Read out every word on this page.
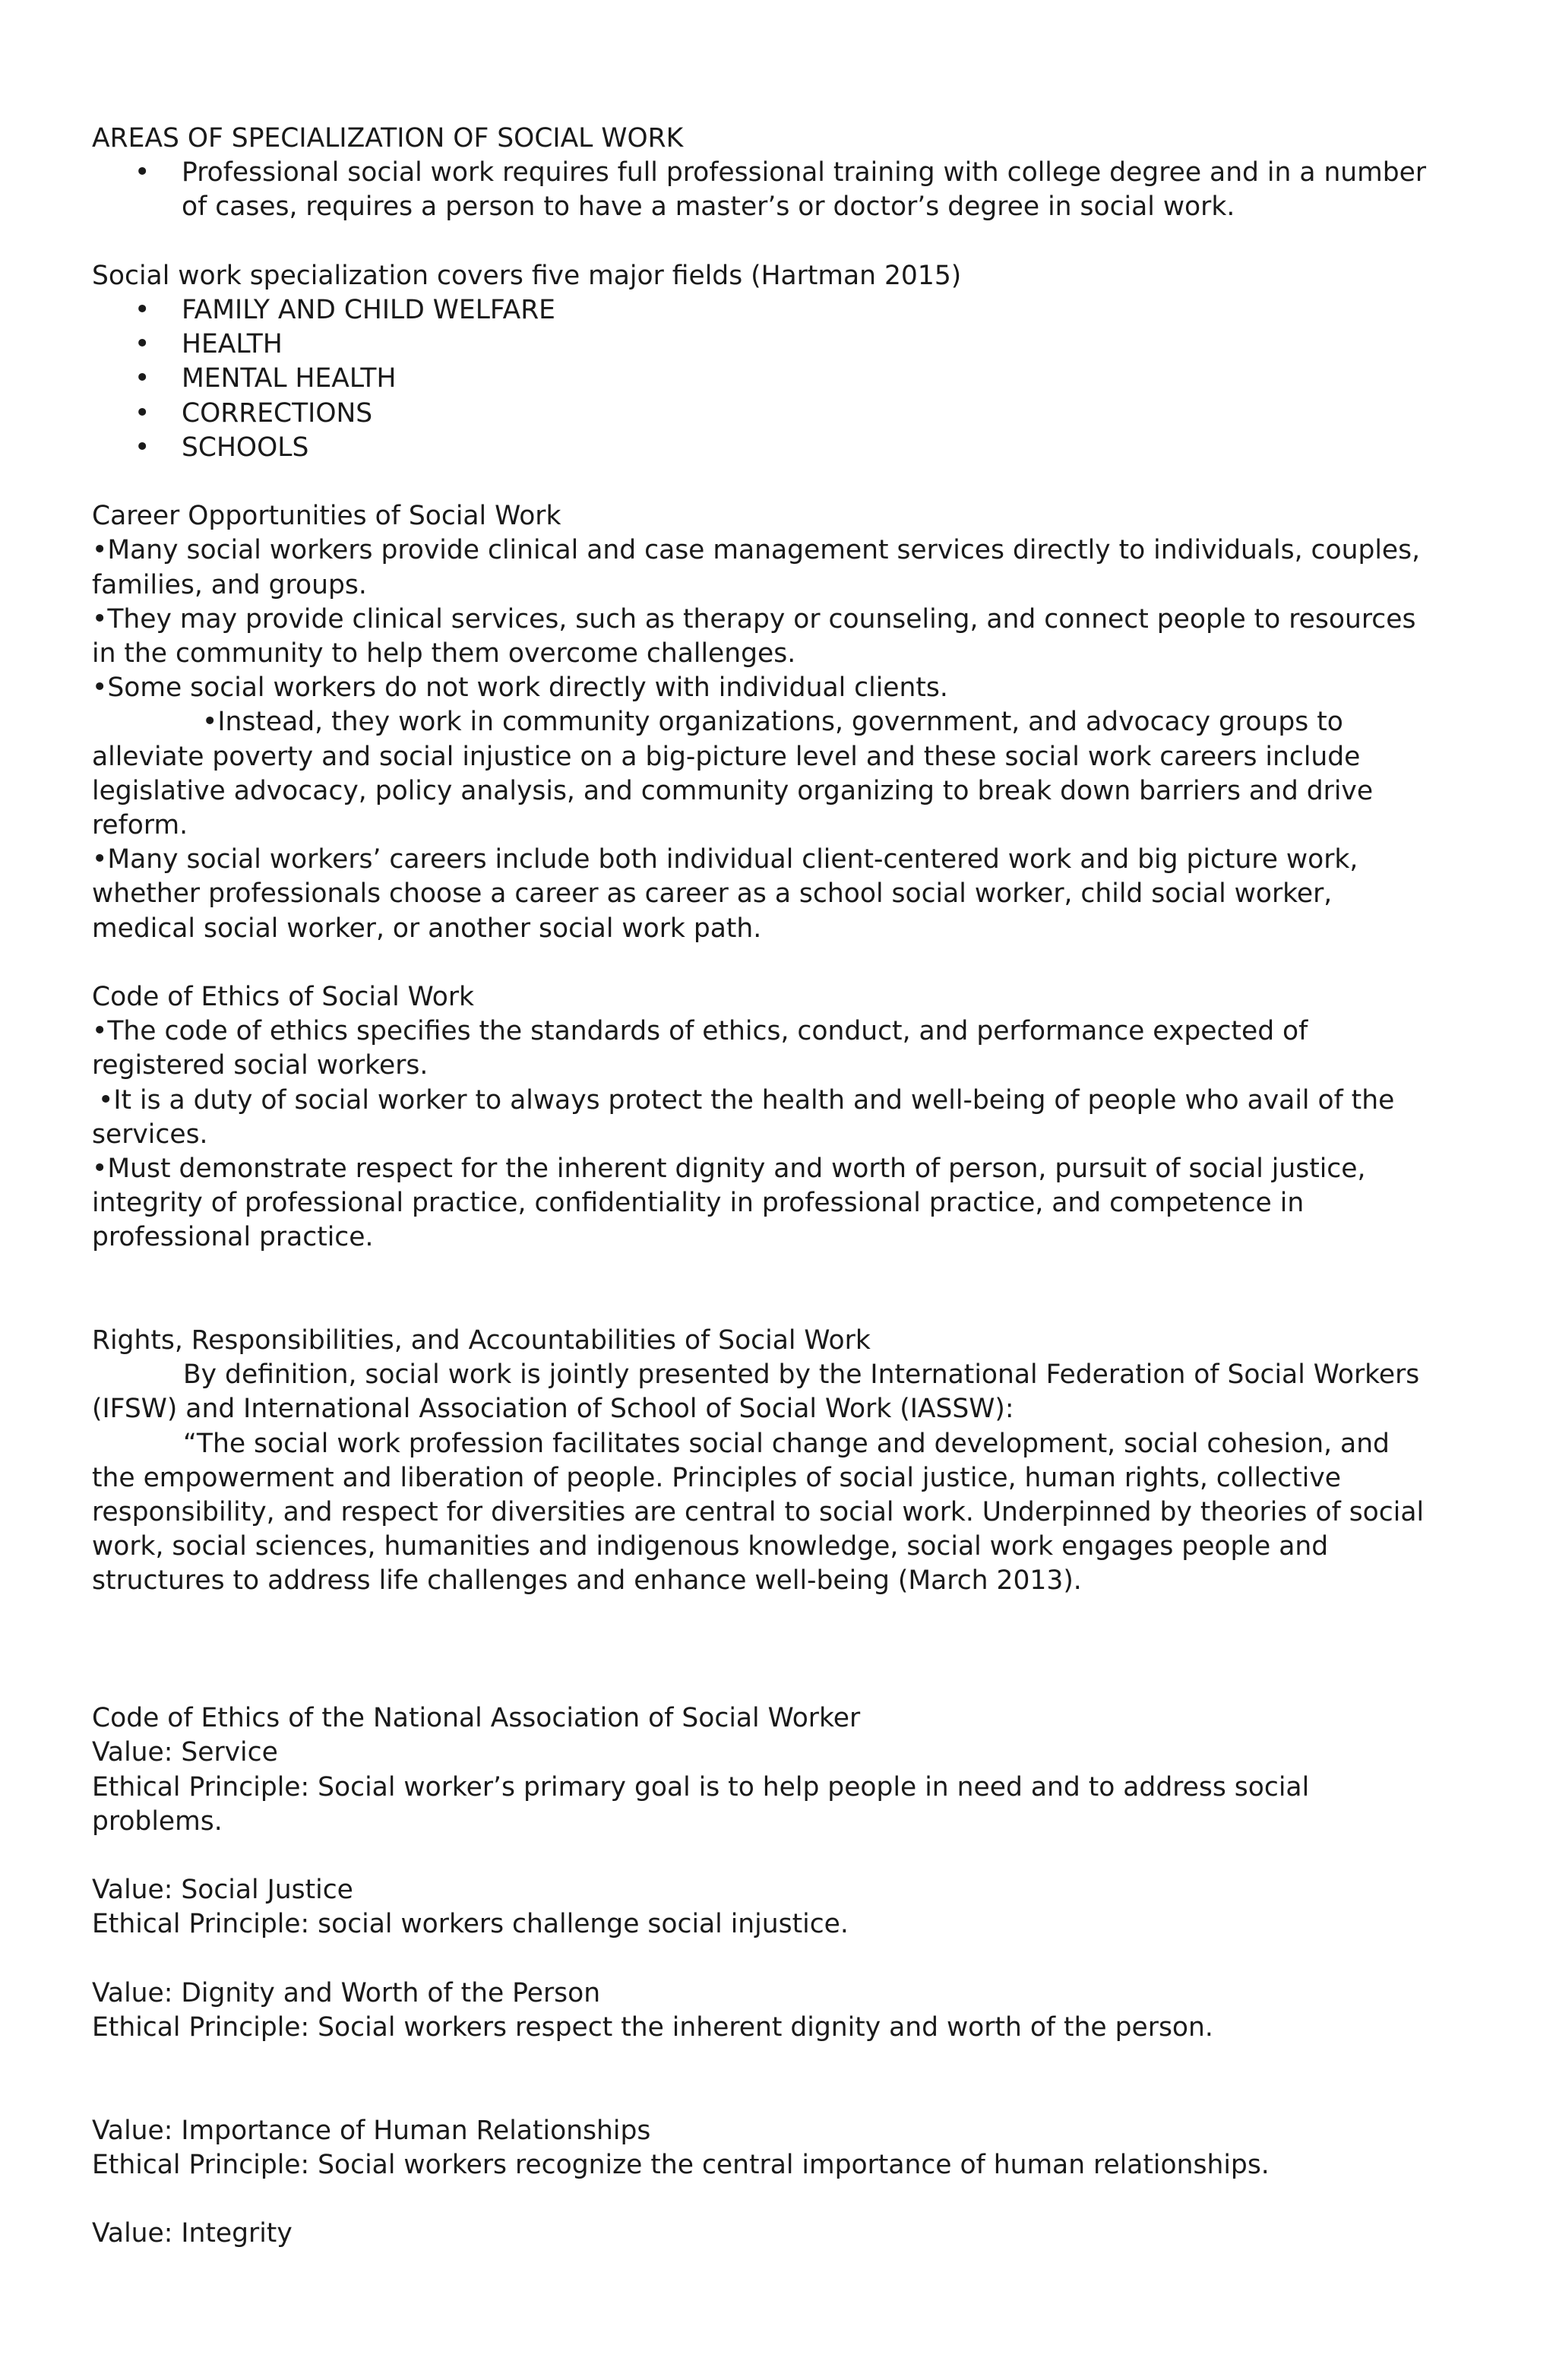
AREAS OF SPECIALIZATION OF SOCIAL WORK
•	Professional social work requires full professional training with college degree and in a number
of cases, requires a person to have a master’s or doctor’s degree in social work.
Social work specialization covers five major fields (Hartman 2015)
•	FAMILY AND CHILD WELFARE
•	HEALTH
•	MENTAL HEALTH
•	CORRECTIONS
•	SCHOOLS
Career Opportunities of Social Work
•Many social workers provide clinical and case management services directly to individuals, couples,
families, and groups.
•They may provide clinical services, such as therapy or counseling, and connect people to resources
in the community to help them overcome challenges.
•Some social workers do not work directly with individual clients.
•Instead, they work in community organizations, government, and advocacy groups to
alleviate poverty and social injustice on a big-picture level and these social work careers include
legislative advocacy, policy analysis, and community organizing to break down barriers and drive
reform.
•Many social workers’ careers include both individual client-centered work and big picture work,
whether professionals choose a career as career as a school social worker, child social worker,
medical social worker, or another social work path.
Code of Ethics of Social Work
•The code of ethics specifies the standards of ethics, conduct, and performance expected of
registered social workers.
•It is a duty of social worker to always protect the health and well-being of people who avail of the
services.
•Must demonstrate respect for the inherent dignity and worth of person, pursuit of social justice,
integrity of professional practice, confidentiality in professional practice, and competence in
professional practice.
Rights, Responsibilities, and Accountabilities of Social Work
By definition, social work is jointly presented by the International Federation of Social Workers
(IFSW) and International Association of School of Social Work (IASSW):
“The social work profession facilitates social change and development, social cohesion, and
the empowerment and liberation of people. Principles of social justice, human rights, collective
responsibility, and respect for diversities are central to social work. Underpinned by theories of social
work, social sciences, humanities and indigenous knowledge, social work engages people and
structures to address life challenges and enhance well-being (March 2013).
Code of Ethics of the National Association of Social Worker
Value: Service
Ethical Principle: Social worker’s primary goal is to help people in need and to address social
problems.
Value: Social Justice
Ethical Principle: social workers challenge social injustice.
Value: Dignity and Worth of the Person
Ethical Principle: Social workers respect the inherent dignity and worth of the person.
Value: Importance of Human Relationships
Ethical Principle: Social workers recognize the central importance of human relationships.
Value: Integrity
